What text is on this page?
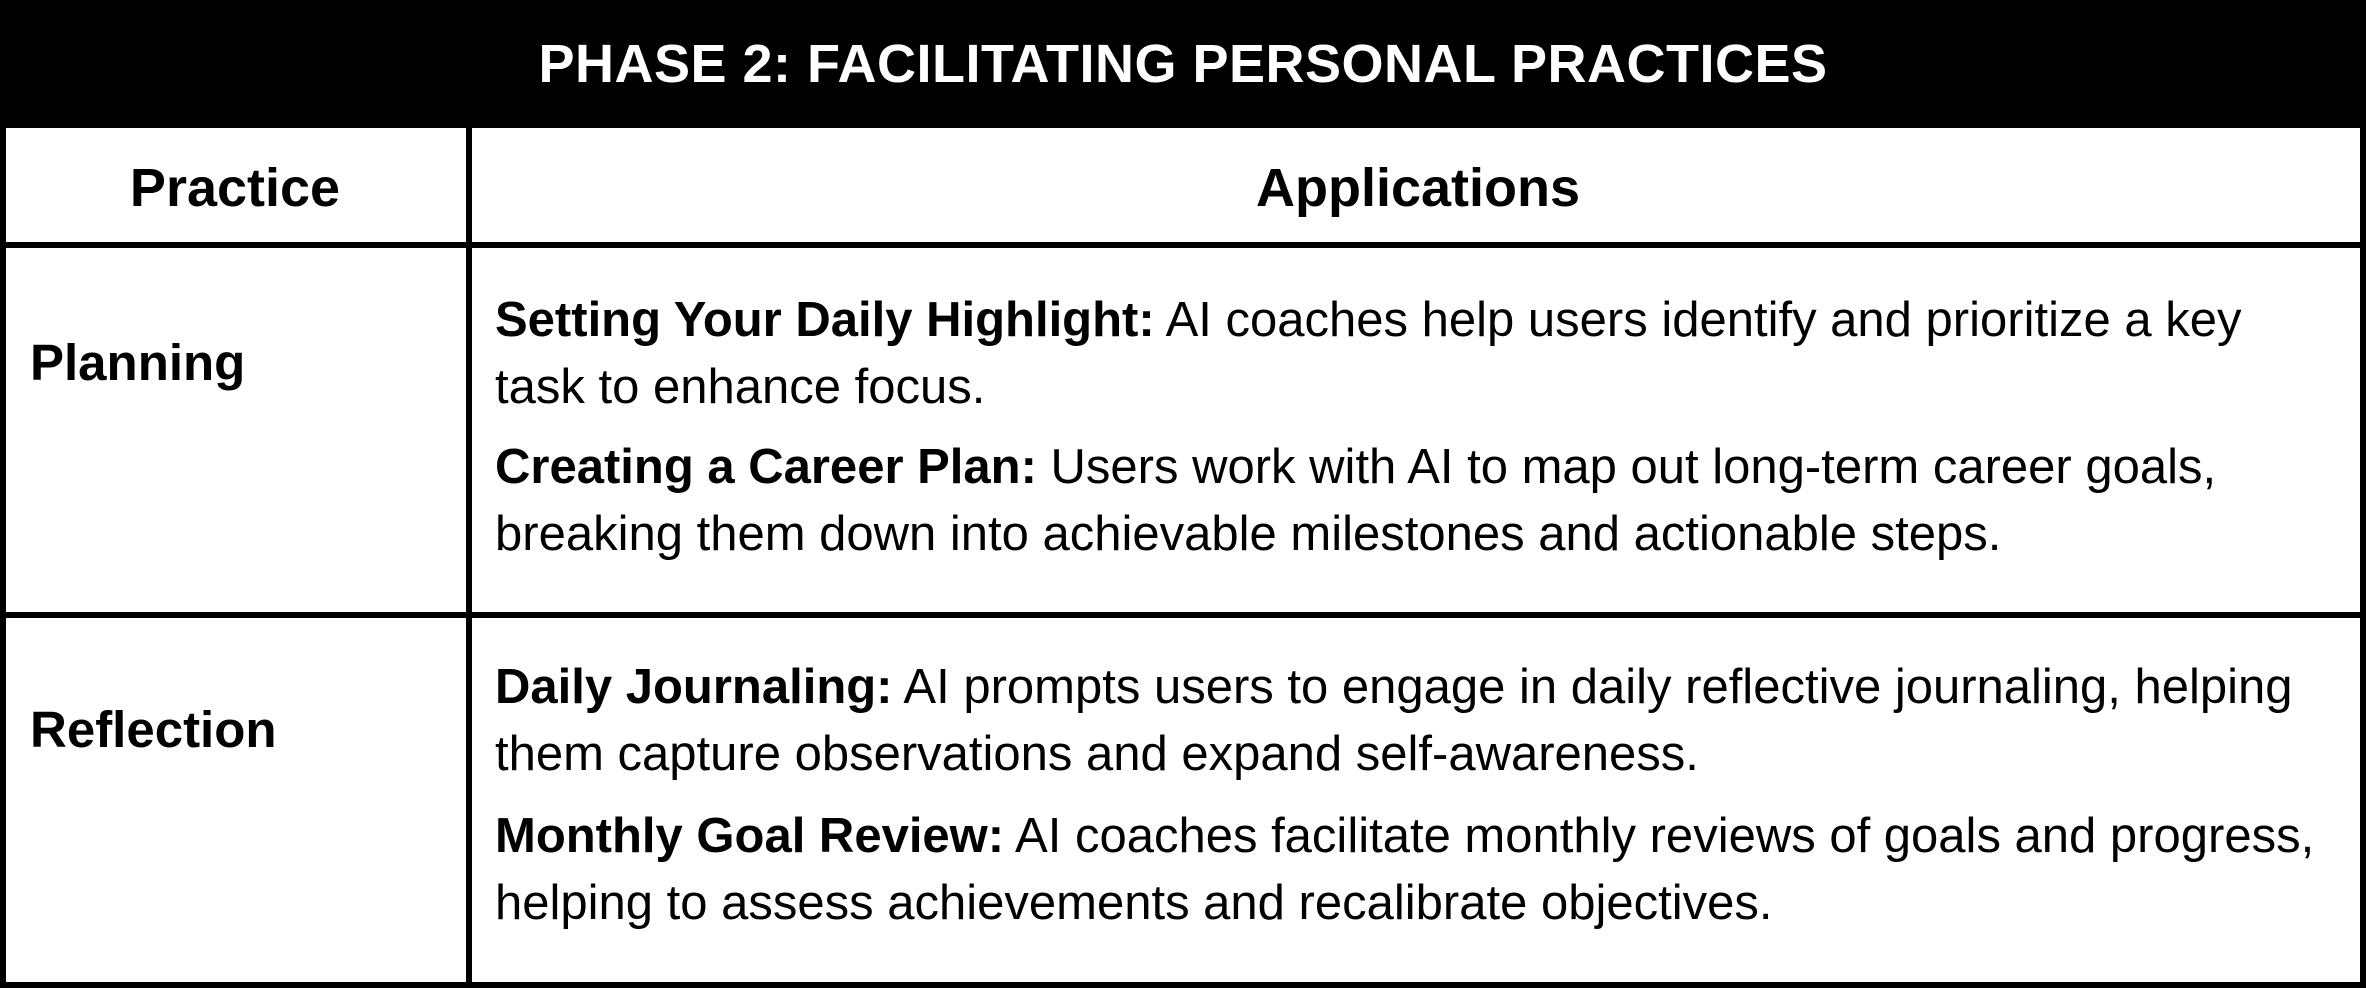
PHASE 2: FACILITATING PERSONAL PRACTICES
Practice	Applications
Planning

Setting Your Daily Highlight: AI coaches help users identify and prioritize a key task to enhance focus.

Creating a Career Plan: Users work with AI to map out long-term career goals, breaking them down into achievable milestones and actionable steps.

Reflection

Daily Journaling: AI prompts users to engage in daily reflective journaling, helping them capture observations and expand self-awareness.

Monthly Goal Review: AI coaches facilitate monthly reviews of goals and progress, helping to assess achievements and recalibrate objectives.
